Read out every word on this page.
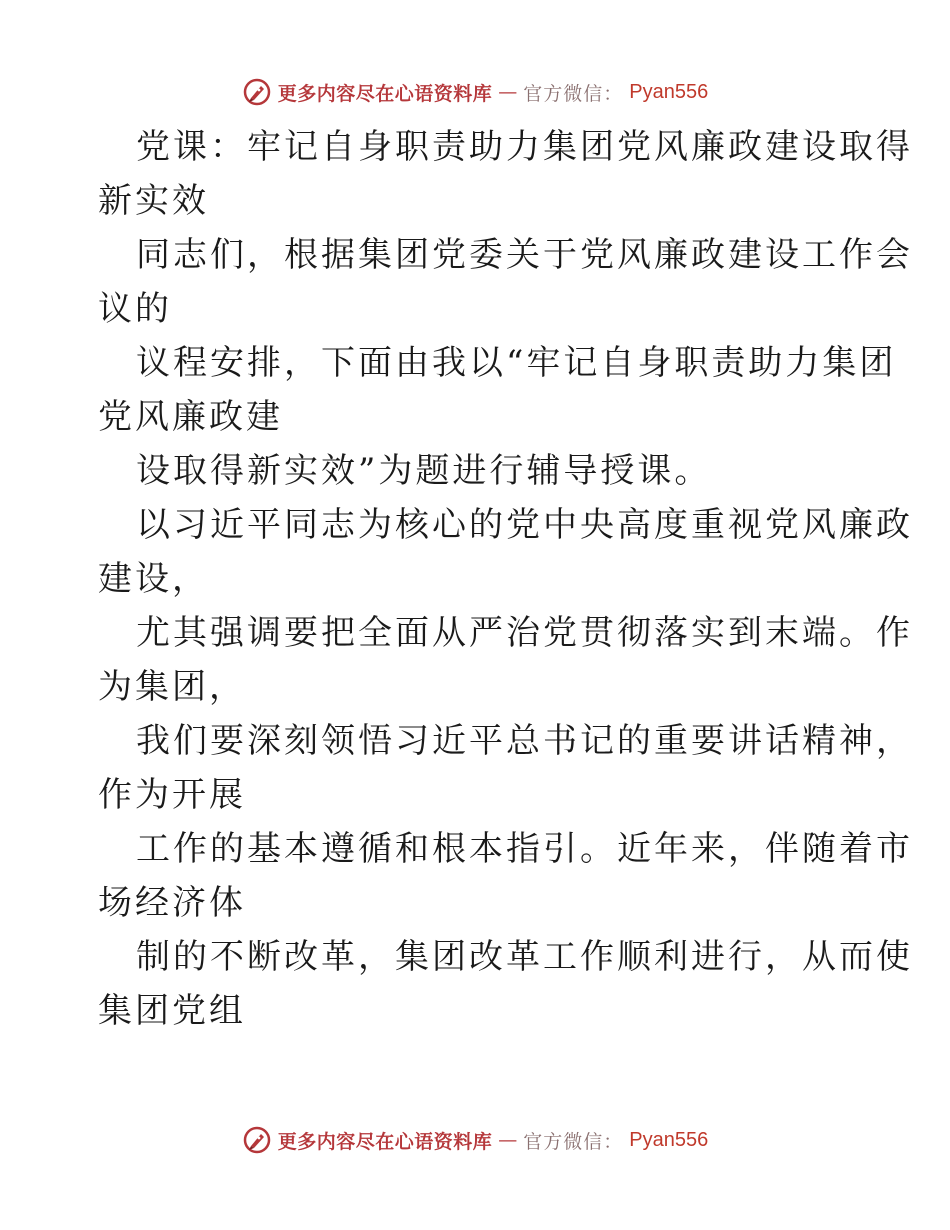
更多内容尽在心语资料库 — 官方微信： Pyan556
党课：牢记自身职责助力集团党风廉政建设取得
新实效
同志们，根据集团党委关于党风廉政建设工作会
议的
议程安排，下面由我以“牢记自身职责助力集团
党风廉政建
设取得新实效”为题进行辅导授课。
以习近平同志为核心的党中央高度重视党风廉政
建设，
尤其强调要把全面从严治党贯彻落实到末端。作
为集团，
我们要深刻领悟习近平总书记的重要讲话精神，
作为开展
工作的基本遵循和根本指引。近年来，伴随着市
场经济体
制的不断改革，集团改革工作顺利进行，从而使
集团党组
更多内容尽在心语资料库 — 官方微信： Pyan556
